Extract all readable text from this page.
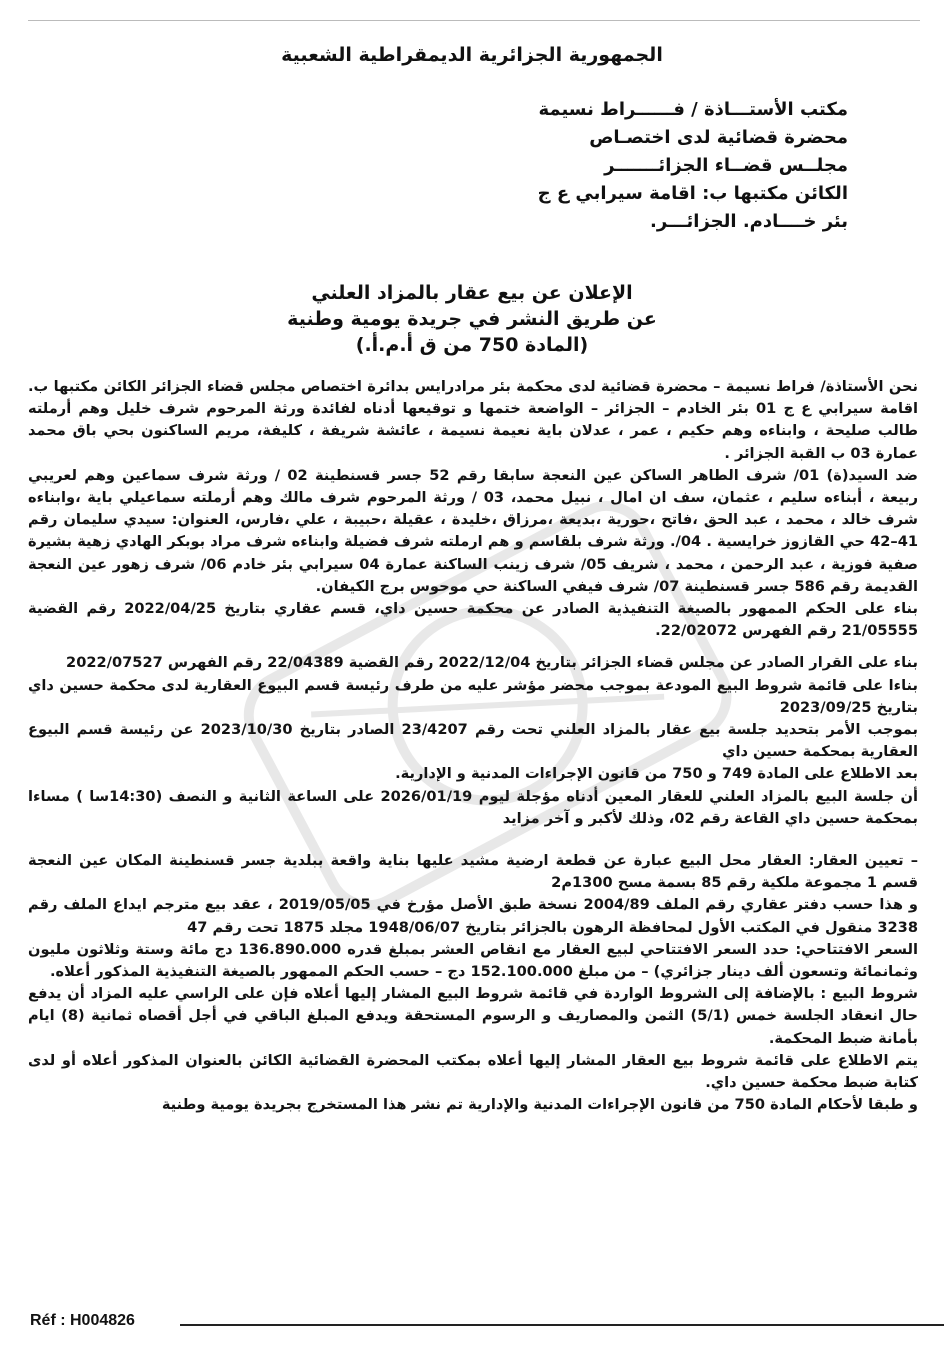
الجمهورية الجزائرية الديمقراطية الشعبية
مكتب الأستـــاذة / فــــــراط نسيمة
محضرة قضائية لدى اختصـاص
مجلــس قضــاء الجزائـــــــر
الكائن مكتبها ب: اقامة سيرابي ع ج
بئر خــــادم. الجزائـــر.
الإعلان عن بيع عقار بالمزاد العلني
عن طريق النشر في جريدة يومية وطنية
(المادة 750 من ق أ.م.أ.)

نحن الأستاذة/ فراط نسيمة – محضرة قضائية لدى محكمة بئر مرادرايس بدائرة اختصاص مجلس قضاء الجزائر الكائن مكتبها ب. اقامة سيرابي ع ج 01 بئر الخادم – الجزائر – الواضعة ختمها و توقيعها أدناه لفائدة ورثة المرحوم شرف خليل وهم أرملته طالب صليحة ، وابناءه وهم حكيم ، عمر ، عدلان باية نعيمة نسيمة ، عائشة شريفة ، كليفة، مريم الساكنون بحي باق محمد عمارة 03 ب القبة الجزائر .

ضد السيد(ة) 01/ شرف الطاهر الساكن عين النعجة سابقا رقم 52 جسر قسنطينة 02 / ورثة شرف سماعين وهم لعريبي ربيعة ، أبناءه سليم ، عثمان، سف ان امال ، نبيل محمد، 03 / ورثة المرحوم شرف مالك وهم أرملته سماعيلي باية ،وابناءه شرف خالد ، محمد ، عبد الحق ،فاتح ،حورية ،بديعة ،مرزاق ،خليدة ، عقيلة ،حبيبة ، علي ،فارس، العنوان: سيدي سليمان رقم 41–42 حي القازوز خرايسية . 04/. ورثة شرف بلقاسم و هم ارملته شرف فضيلة وابناءه شرف مراد بوبكر الهادي زهية بشيرة صفية فوزية ، عبد الرحمن ، محمد ، شريف 05/ شرف زينب الساكنة عمارة 04 سيرابي بئر خادم 06/ شرف زهور عين النعجة القديمة رقم 586 جسر قسنطينة 07/ شرف فيفي الساكنة حي موحوس برج الكيفان.

بناء على الحكم الممهور بالصيغة التنفيذية الصادر عن محكمة حسين داي، قسم عقاري بتاريخ 2022/04/25 رقم القضية 21/05555 رقم الفهرس 22/02072.

بناء على القرار الصادر عن مجلس قضاء الجزائر بتاريخ 2022/12/04 رقم القضية 22/04389 رقم الفهرس 2022/07527

بناءا على قائمة شروط البيع المودعة بموجب محضر مؤشر عليه من طرف رئيسة قسم البيوع العقارية لدى محكمة حسين داي بتاريخ 2023/09/25

بموجب الأمر بتحديد جلسة بيع عقار بالمزاد العلني تحت رقم 23/4207 الصادر بتاريخ 2023/10/30 عن رئيسة قسم البيوع العقارية بمحكمة حسين داي

بعد الاطلاع على المادة 749 و 750 من قانون الإجراءات المدنية و الإدارية.

أن جلسة البيع بالمزاد العلني للعقار المعين أدناه مؤجلة ليوم 2026/01/19 على الساعة الثانية و النصف (14:30سا ) مساءا بمحكمة حسين داي القاعة رقم 02، وذلك لأكبر و آخر مزايد

– تعيين العقار: العقار محل البيع عبارة عن قطعة ارضية مشيد عليها بناية واقعة ببلدية جسر قسنطينة المكان عين النعجة قسم 1 مجموعة ملكية رقم 85 بسمة مسح 1300م2

و هذا حسب دفتر عقاري رقم الملف 2004/89 نسخة طبق الأصل مؤرخ في 2019/05/05 ، عقد بيع مترجم ايداع الملف رقم 3238 منقول في المكتب الأول لمحافظة الرهون بالجزائر بتاريخ 1948/06/07 مجلد 1875 تحت رقم 47

السعر الافتتاحي: حدد السعر الافتتاحي لبيع العقار مع انقاص العشر بمبلغ قدره 136.890.000 دج مائة وستة وثلاثون مليون وثمانمائة وتسعون ألف دينار جزائري) – من مبلغ 152.100.000 دج – حسب الحكم الممهور بالصيغة التنفيذية المذكور أعلاه.

شروط البيع : بالإضافة إلى الشروط الواردة في قائمة شروط البيع المشار إليها أعلاه فإن على الراسي عليه المزاد أن يدفع حال انعقاد الجلسة خمس (5/1) الثمن والمصاريف و الرسوم المستحقة ويدفع المبلغ الباقي في أجل أقصاه ثمانية (8) ايام بأمانة ضبط المحكمة.

يتم الاطلاع على قائمة شروط بيع العقار المشار إليها أعلاه بمكتب المحضرة القضائية الكائن بالعنوان المذكور أعلاه أو لدى كتابة ضبط محكمة حسين داي.

و طبقا لأحكام المادة 750 من قانون الإجراءات المدنية والإدارية تم نشر هذا المستخرج بجريدة يومية وطنية

Réf : H004826
